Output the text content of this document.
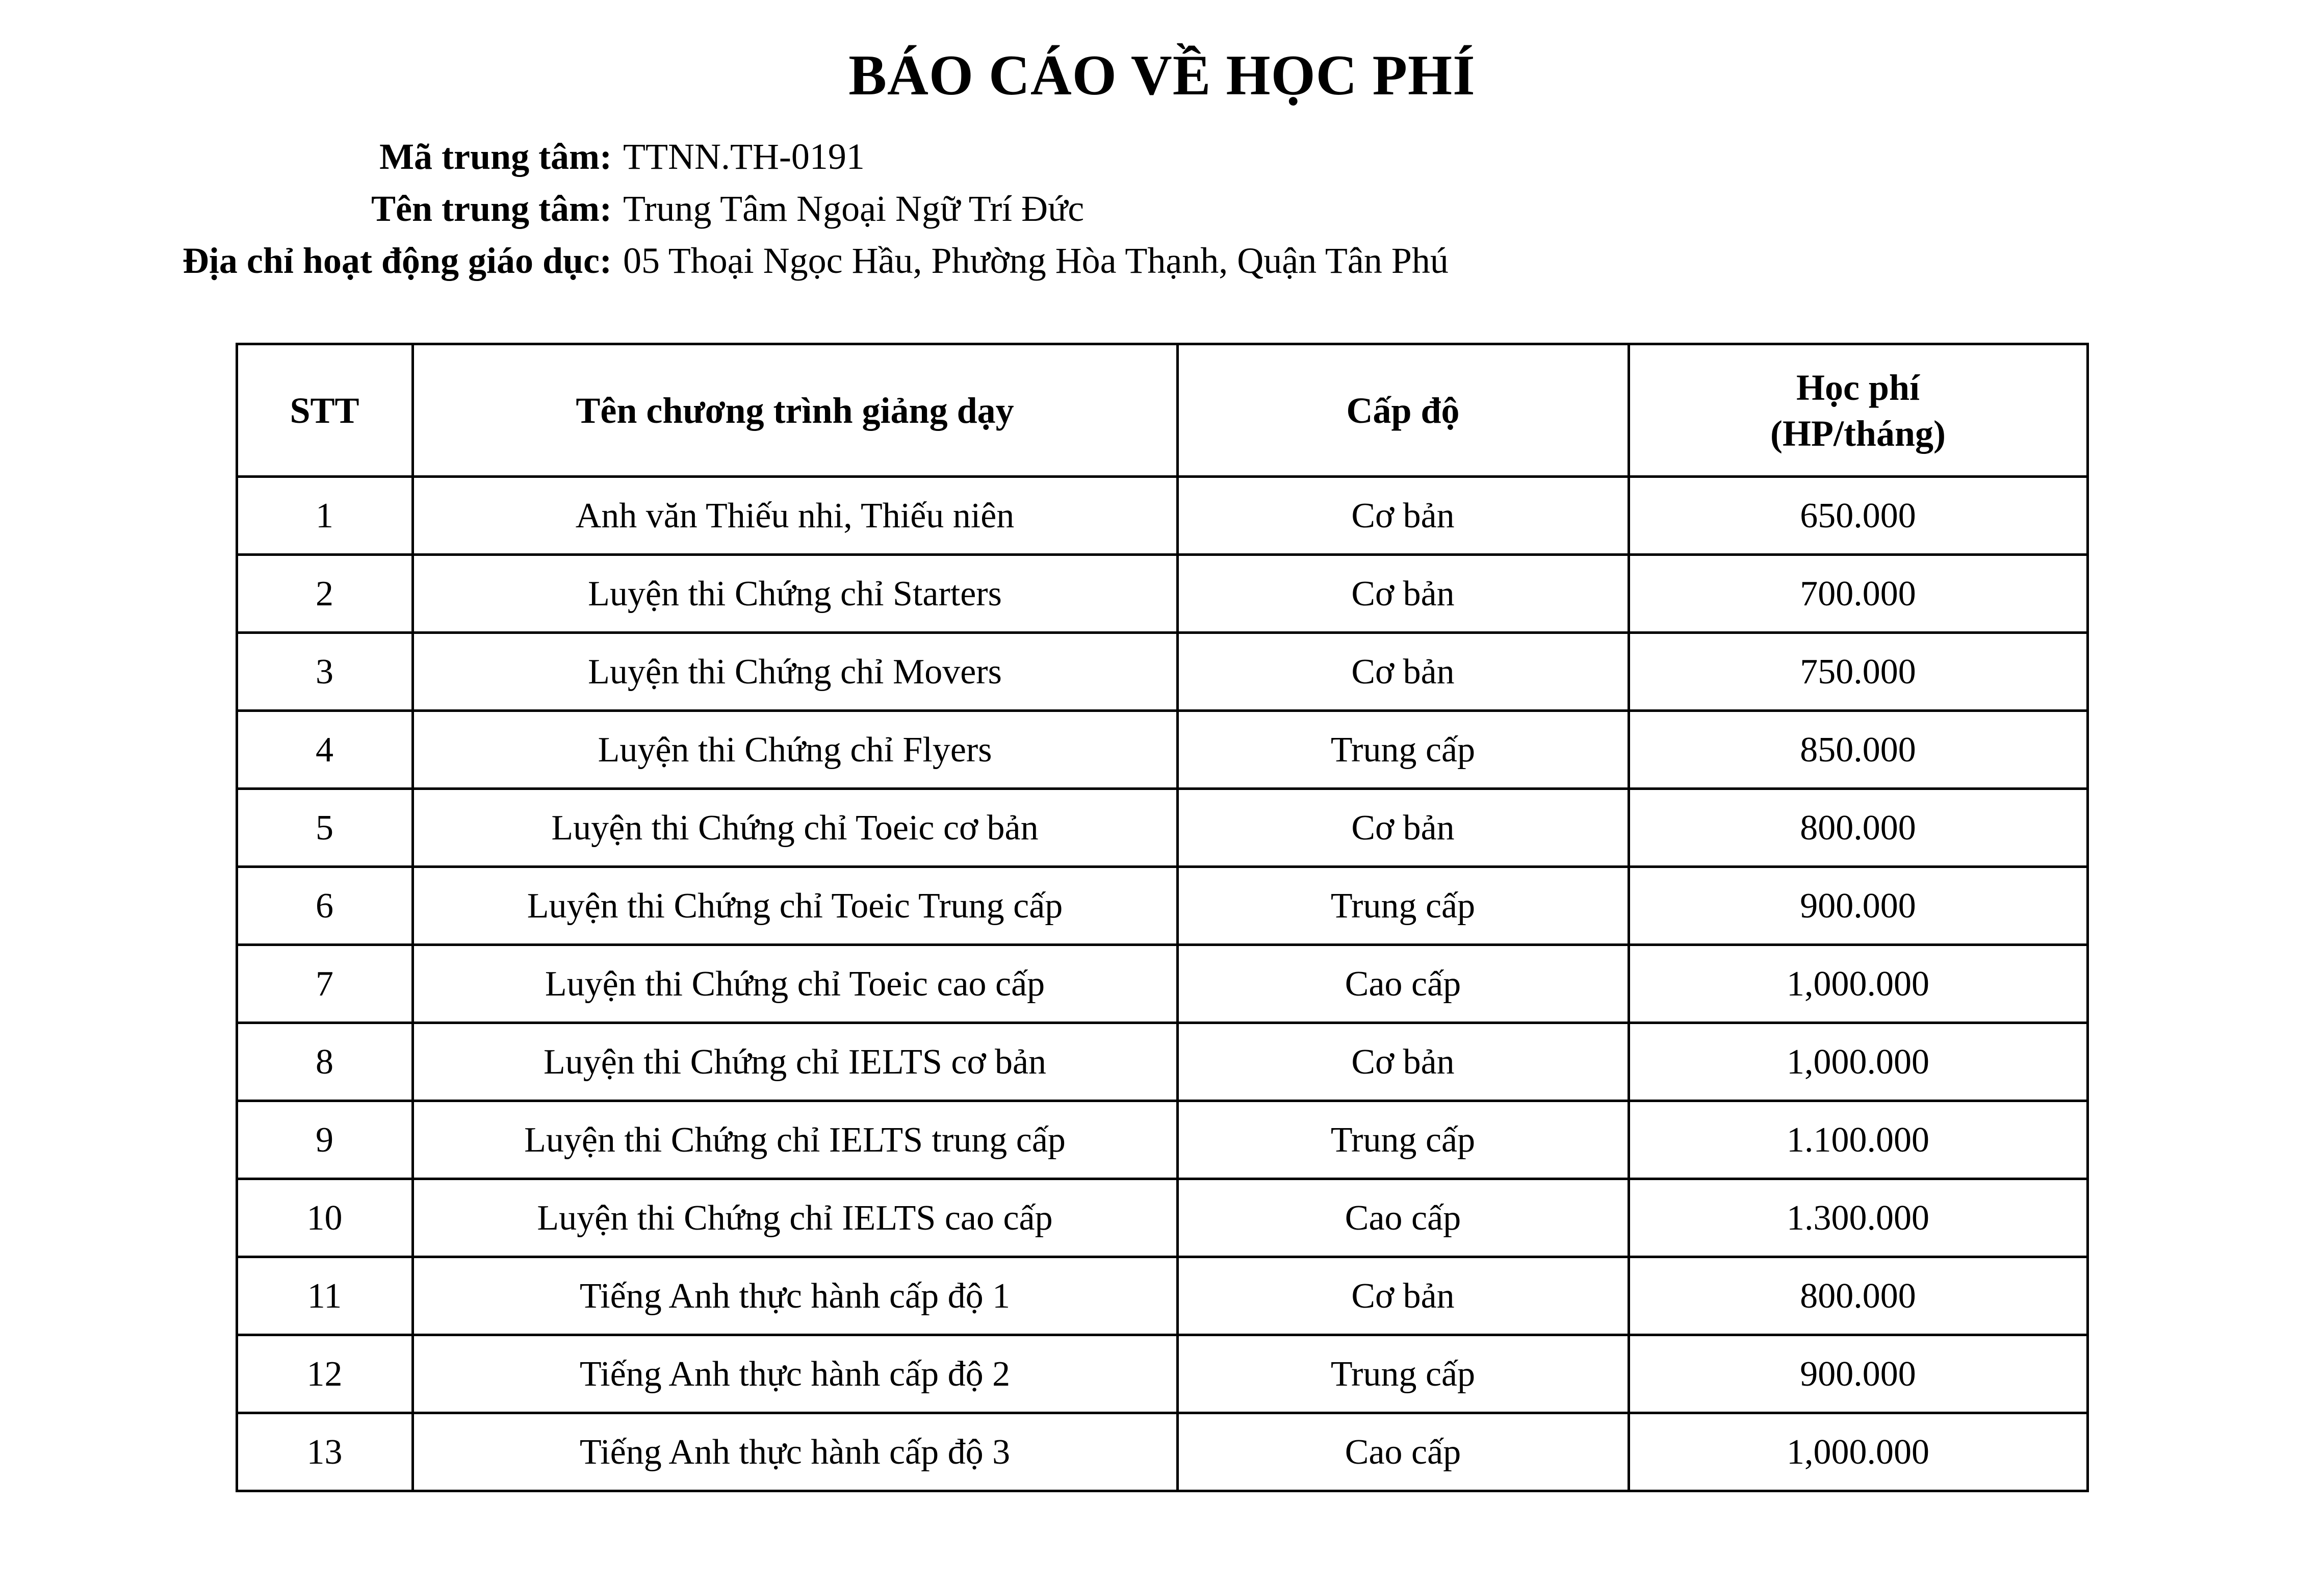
BÁO CÁO VỀ HỌC PHÍ
Mã trung tâm: TTNN.TH-0191
Tên trung tâm: Trung Tâm Ngoại Ngữ Trí Đức
Địa chỉ hoạt động giáo dục: 05 Thoại Ngọc Hầu, Phường Hòa Thạnh, Quận Tân Phú
STT	Tên chương trình giảng dạy	Cấp độ	Học phí
(HP/tháng)

1	Anh văn Thiếu nhi, Thiếu niên	Cơ bản	650.000
2	Luyện thi Chứng chỉ Starters	Cơ bản	700.000
3	Luyện thi Chứng chỉ Movers	Cơ bản	750.000
4	Luyện thi Chứng chỉ Flyers	Trung cấp	850.000
5	Luyện thi Chứng chỉ Toeic cơ bản	Cơ bản	800.000
6	Luyện thi Chứng chỉ Toeic Trung cấp	Trung cấp	900.000
7	Luyện thi Chứng chỉ Toeic cao cấp	Cao cấp	1,000.000
8	Luyện thi Chứng chỉ IELTS cơ bản	Cơ bản	1,000.000
9	Luyện thi Chứng chỉ IELTS trung cấp	Trung cấp	1.100.000
10	Luyện thi Chứng chỉ IELTS cao cấp	Cao cấp	1.300.000
11	Tiếng Anh thực hành cấp độ 1	Cơ bản	800.000
12	Tiếng Anh thực hành cấp độ 2	Trung cấp	900.000
13	Tiếng Anh thực hành cấp độ 3	Cao cấp	1,000.000
